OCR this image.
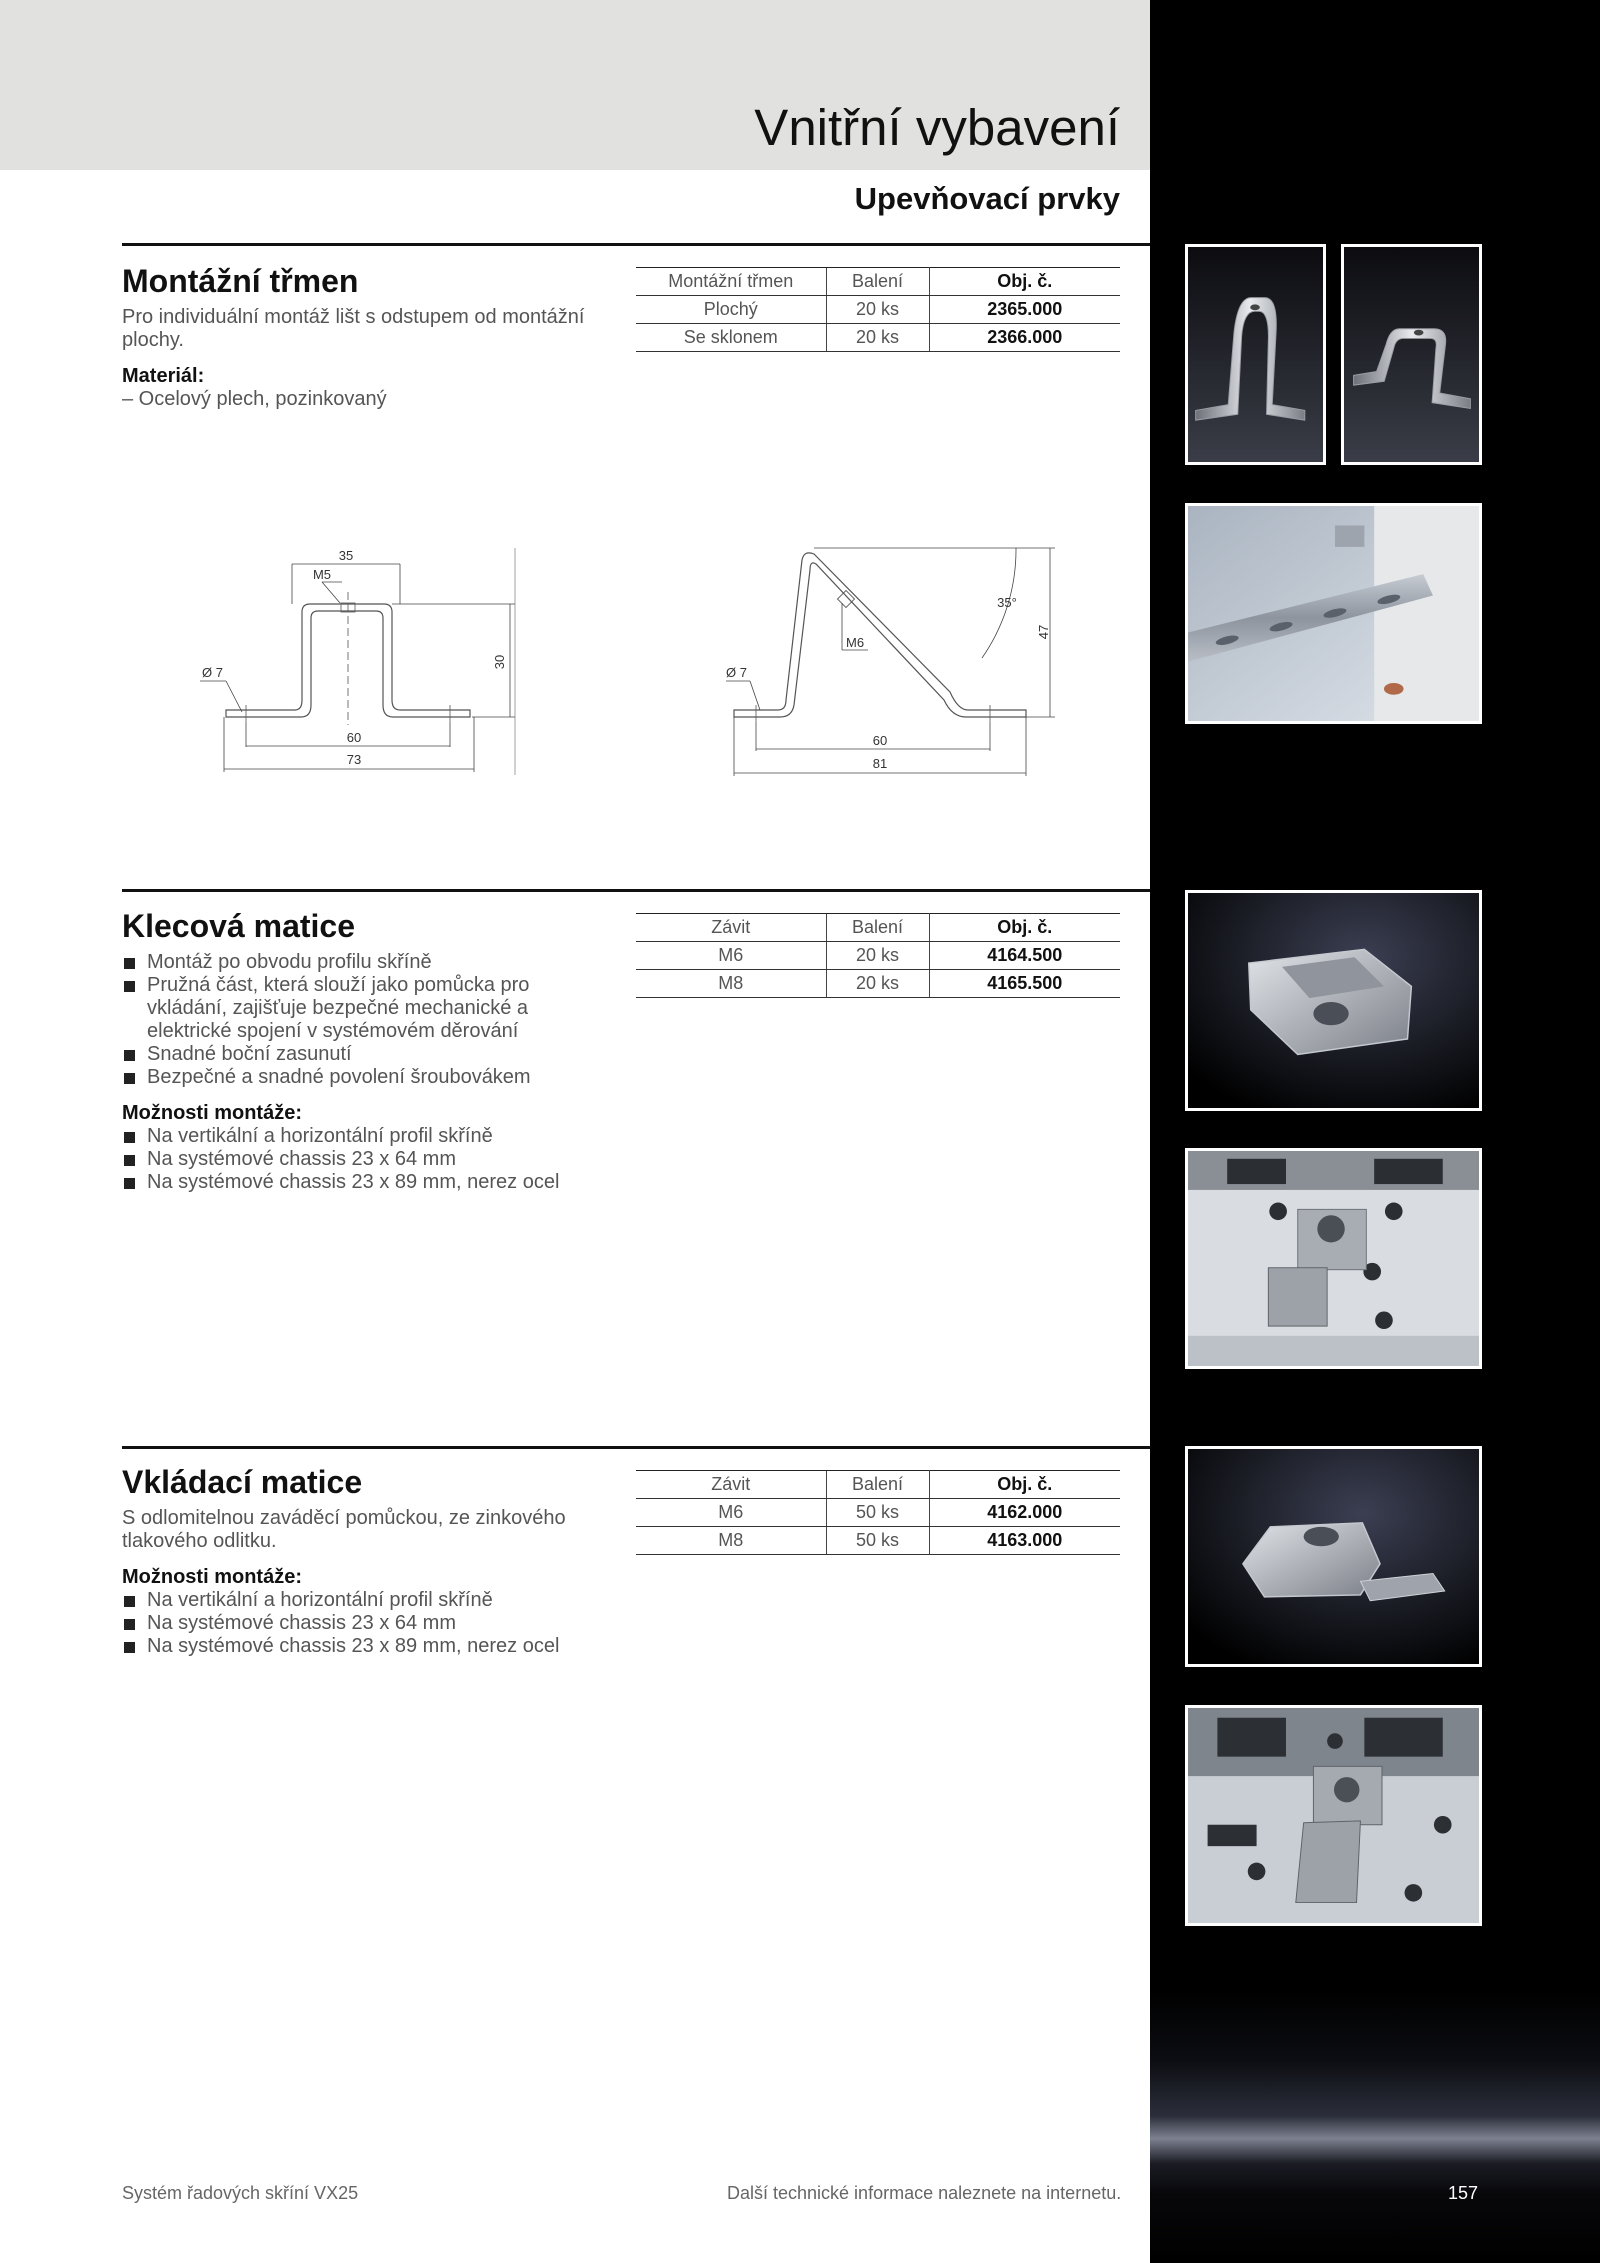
Vnitřní vybavení
Upevňovací prvky
Montážní třmen

Pro individuální montáž lišt s odstupem od montážní plochy.

Materiál:
– Ocelový plech, pozinkovaný
Montážní třmen	Balení	Obj. č.
Plochý	20 ks	2365.000
Se sklonem	20 ks	2366.000
35
M5
Ø 7
30
60
73
35°
47
M6
Ø 7
60
81
Klecová matice
Montáž po obvodu profilu skříně
Pružná část, která slouží jako pomůcka pro vkládání, zajišťuje bezpečné mechanické a elektrické spojení v systémovém děrování
Snadné boční zasunutí
Bezpečné a snadné povolení šroubovákem
Možnosti montáže:
Na vertikální a horizontální profil skříně
Na systémové chassis 23 x 64 mm
Na systémové chassis 23 x 89 mm, nerez ocel
Závit	Balení	Obj. č.
M6	20 ks	4164.500
M8	20 ks	4165.500
Vkládací matice

S odlomitelnou zaváděcí pomůckou, ze zinkového tlakového odlitku.

Možnosti montáže:
Na vertikální a horizontální profil skříně
Na systémové chassis 23 x 64 mm
Na systémové chassis 23 x 89 mm, nerez ocel
Závit	Balení	Obj. č.
M6	50 ks	4162.000
M8	50 ks	4163.000
Systém řadových skříní VX25	Další technické informace naleznete na internetu.	157
